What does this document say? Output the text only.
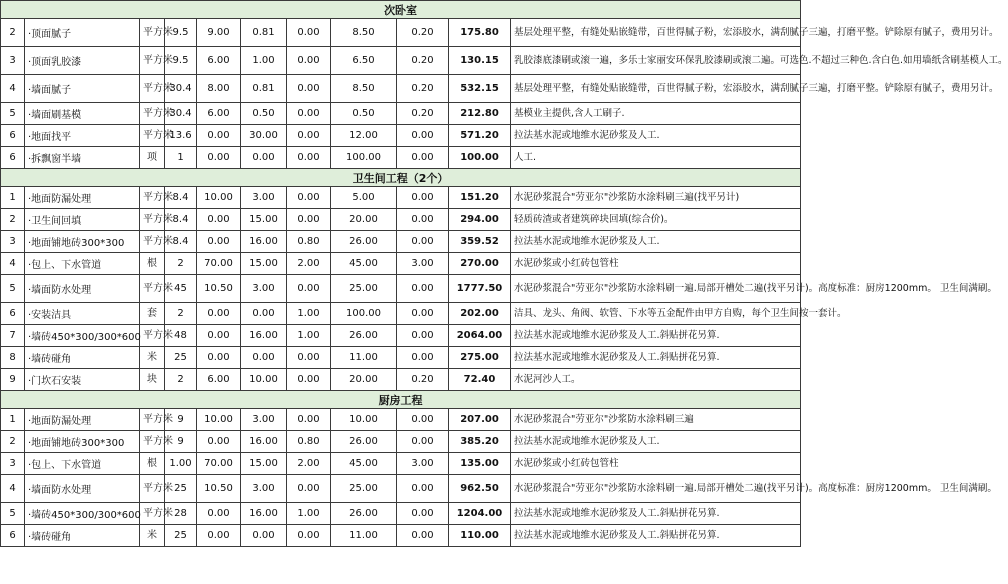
次卧室										
2	·顶面腻子	平方米	9.5	9.00	0.81	0.00	8.50	0.20	175.80	基层处理平整，有缝处贴嵌缝带，百世得腻子粉，宏添胶水，满刮腻子三遍，打磨平整。铲除原有腻子，费用另计。
3	·顶面乳胶漆	平方米	9.5	6.00	1.00	0.00	6.50	0.20	130.15	乳胶漆底漆刷或滚一遍，多乐士家丽安环保乳胶漆刷或滚二遍。可选色.不超过三种色.含白色.如用墙纸含刷基模人工。
4	·墙面腻子	平方米	30.4	8.00	0.81	0.00	8.50	0.20	532.15	基层处理平整，有缝处贴嵌缝带，百世得腻子粉，宏添胶水，满刮腻子三遍，打磨平整。铲除原有腻子，费用另计。
5	·墙面刷基模	平方米	30.4	6.00	0.50	0.00	0.50	0.20	212.80	基模业主提供,含人工刷子.
6	·地面找平	平方米	13.6	0.00	30.00	0.00	12.00	0.00	571.20	拉法基水泥或地维水泥砂浆及人工.
6	·拆飘窗半墙	项	1	0.00	0.00	0.00	100.00	0.00	100.00	人工.
卫生间工程（2个）										
1	·地面防漏处理	平方米	8.4	10.00	3.00	0.00	5.00	0.00	151.20	水泥砂浆混合"劳亚尔"沙浆防水涂料刷三遍(找平另计)
2	·卫生间回填	平方米	8.4	0.00	15.00	0.00	20.00	0.00	294.00	轻质砖渣或者建筑碎块回填(综合价)。
3	·地面铺地砖300*300	平方米	8.4	0.00	16.00	0.80	26.00	0.00	359.52	拉法基水泥或地维水泥砂浆及人工.
4	·包上、下水管道	根	2	70.00	15.00	2.00	45.00	3.00	270.00	水泥砂浆或小红砖包管柱
5	·墙面防水处理	平方米	45	10.50	3.00	0.00	25.00	0.00	1777.50	水泥砂浆混合"劳亚尔"沙浆防水涂料刷一遍.局部开槽处二遍(找平另计)。高度标准：厨房1200mm。 卫生间满刷。
6	·安装洁具	套	2	0.00	0.00	1.00	100.00	0.00	202.00	洁具、龙头、角阀、软管、下水等五金配件由甲方自购，每个卫生间按一套计。
7	·墙砖450*300/300*600	平方米	48	0.00	16.00	1.00	26.00	0.00	2064.00	拉法基水泥或地维水泥砂浆及人工.斜贴拼花另算.
8	·墙砖碰角	米	25	0.00	0.00	0.00	11.00	0.00	275.00	拉法基水泥或地维水泥砂浆及人工.斜贴拼花另算.
9	·门坎石安装	块	2	6.00	10.00	0.00	20.00	0.20	72.40	水泥河沙人工。
厨房工程										
1	·地面防漏处理	平方米	9	10.00	3.00	0.00	10.00	0.00	207.00	水泥砂浆混合"劳亚尔"沙浆防水涂料刷三遍
2	·地面铺地砖300*300	平方米	9	0.00	16.00	0.80	26.00	0.00	385.20	拉法基水泥或地维水泥砂浆及人工.
3	·包上、下水管道	根	1.00	70.00	15.00	2.00	45.00	3.00	135.00	水泥砂浆或小红砖包管柱
4	·墙面防水处理	平方米	25	10.50	3.00	0.00	25.00	0.00	962.50	水泥砂浆混合"劳亚尔"沙浆防水涂料刷一遍.局部开槽处二遍(找平另计)。高度标准：厨房1200mm。 卫生间满刷。
5	·墙砖450*300/300*600	平方米	28	0.00	16.00	1.00	26.00	0.00	1204.00	拉法基水泥或地维水泥砂浆及人工.斜贴拼花另算.
6	·墙砖碰角	米	25	0.00	0.00	0.00	11.00	0.00	110.00	拉法基水泥或地维水泥砂浆及人工.斜贴拼花另算.
